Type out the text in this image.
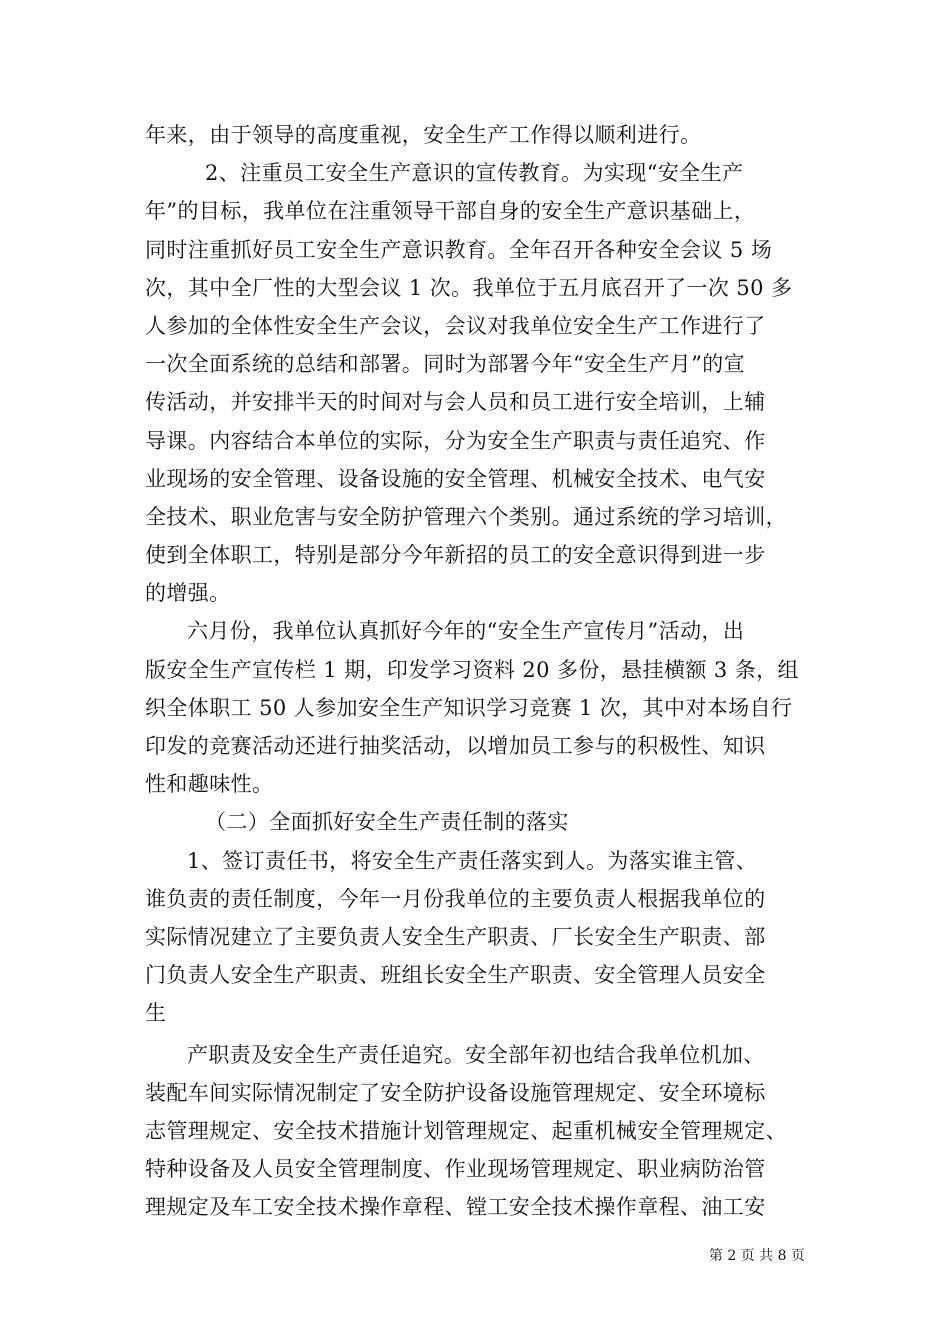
年来，由于领导的高度重视，安全生产工作得以顺利进行。
2、注重员工安全生产意识的宣传教育。为实现“安全生产
年”的目标，我单位在注重领导干部自身的安全生产意识基础上，
同时注重抓好员工安全生产意识教育。全年召开各种安全会议 5 场
次，其中全厂性的大型会议 1 次。我单位于五月底召开了一次 50 多
人参加的全体性安全生产会议，会议对我单位安全生产工作进行了
一次全面系统的总结和部署。同时为部署今年“安全生产月”的宣
传活动，并安排半天的时间对与会人员和员工进行安全培训，上辅
导课。内容结合本单位的实际，分为安全生产职责与责任追究、作
业现场的安全管理、设备设施的安全管理、机械安全技术、电气安
全技术、职业危害与安全防护管理六个类别。通过系统的学习培训，
使到全体职工，特别是部分今年新招的员工的安全意识得到进一步
的增强。
六月份，我单位认真抓好今年的“安全生产宣传月”活动，出
版安全生产宣传栏 1 期，印发学习资料 20 多份，悬挂横额 3 条，组
织全体职工 50 人参加安全生产知识学习竞赛 1 次，其中对本场自行
印发的竞赛活动还进行抽奖活动，以增加员工参与的积极性、知识
性和趣味性。
（二）全面抓好安全生产责任制的落实
1、签订责任书，将安全生产责任落实到人。为落实谁主管、
谁负责的责任制度，今年一月份我单位的主要负责人根据我单位的
实际情况建立了主要负责人安全生产职责、厂长安全生产职责、部
门负责人安全生产职责、班组长安全生产职责、安全管理人员安全
生
产职责及安全生产责任追究。安全部年初也结合我单位机加、
装配车间实际情况制定了安全防护设备设施管理规定、安全环境标
志管理规定、安全技术措施计划管理规定、起重机械安全管理规定、
特种设备及人员安全管理制度、作业现场管理规定、职业病防治管
理规定及车工安全技术操作章程、镗工安全技术操作章程、油工安
第 2 页 共 8 页
